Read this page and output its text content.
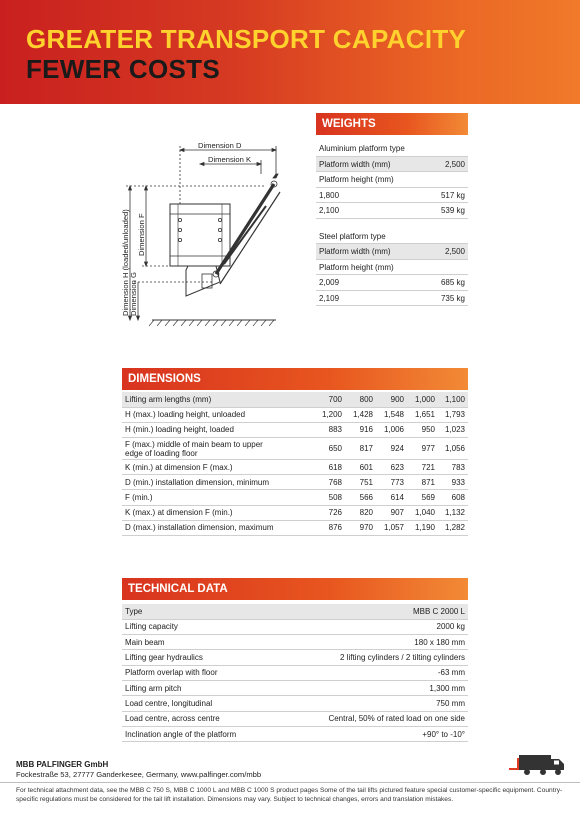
GREATER TRANSPORT CAPACITY
FEWER COSTS
Dimension D
Dimension K
Dimension H (loaded/unloaded) Dimension F
Dimension G
WEIGHTS
Aluminium platform type
Platform width (mm)	2,500
Platform height (mm)
1,800	517 kg
2,100	539 kg
Steel platform type
Platform width (mm)	2,500
Platform height (mm)
2,009	685 kg
2,109	735 kg
DIMENSIONS
Lifting arm lengths (mm)	700	800	900	1,000	1,100
H (max.) loading height, unloaded	1,200	1,428	1,548	1,651	1,793
H (min.) loading height, loaded	883	916	1,006	950	1,023
F (max.) middle of main beam to upper edge of loading floor	650	817	924	977	1,056
K (min.) at dimension F (max.)	618	601	623	721	783
D (min.) installation dimension, minimum	768	751	773	871	933
F (min.)	508	566	614	569	608
K (max.) at dimension F (min.)	726	820	907	1,040	1,132
D (max.) installation dimension, maximum	876	970	1,057	1,190	1,282
TECHNICAL DATA
Type	MBB C 2000 L
Lifting capacity	2000 kg
Main beam	180 x 180 mm
Lifting gear hydraulics	2 lifting cylinders / 2 tilting cylinders
Platform overlap with floor	-63 mm
Lifting arm pitch	1,300 mm
Load centre, longitudinal	750 mm
Load centre, across centre	Central, 50% of rated load on one side
Inclination angle of the platform	+90° to -10°
MBB PALFINGER GmbH
Fockestraße 53, 27777 Ganderkesee, Germany, www.palfinger.com/mbb
For technical attachment data, see the MBB C 750 S, MBB C 1000 L and MBB C 1000 S product pages Some of the tail lifts pictured feature special customer-specific equipment. Country-specific regulations must be considered for the tail lift installation. Dimensions may vary. Subject to technical changes, errors and translation mistakes.
